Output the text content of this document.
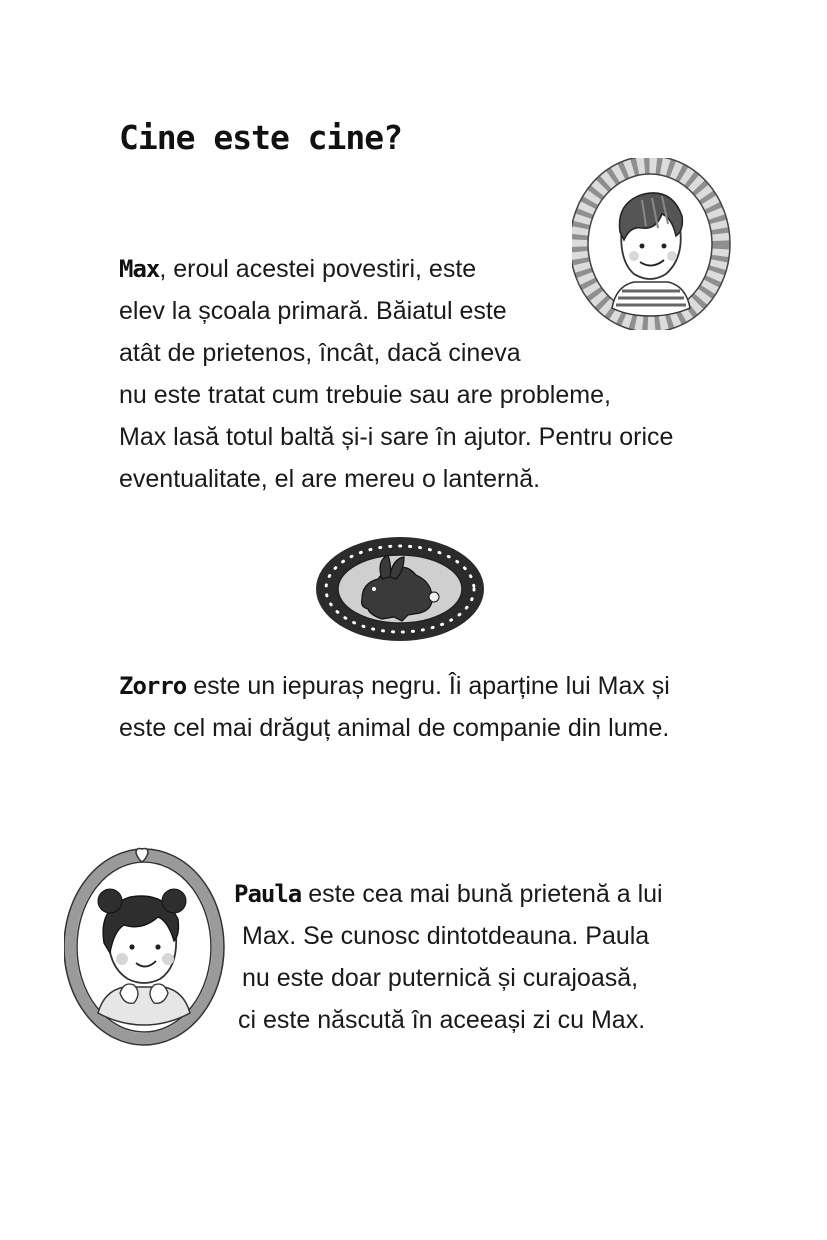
Cine este cine?
Max, eroul acestei povestiri, este
elev la școala primară. Băiatul este
atât de prietenos, încât, dacă cineva
nu este tratat cum trebuie sau are probleme,
Max lasă totul baltă și-i sare în ajutor. Pentru orice
eventualitate, el are mereu o lanternă.
Zorro este un iepuraș negru. Îi aparține lui Max și
este cel mai drăguț animal de companie din lume.
Paula este cea mai bună prietenă a lui
Max. Se cunosc dintotdeauna. Paula
nu este doar puternică și curajoasă,
ci este născută în aceeași zi cu Max.
